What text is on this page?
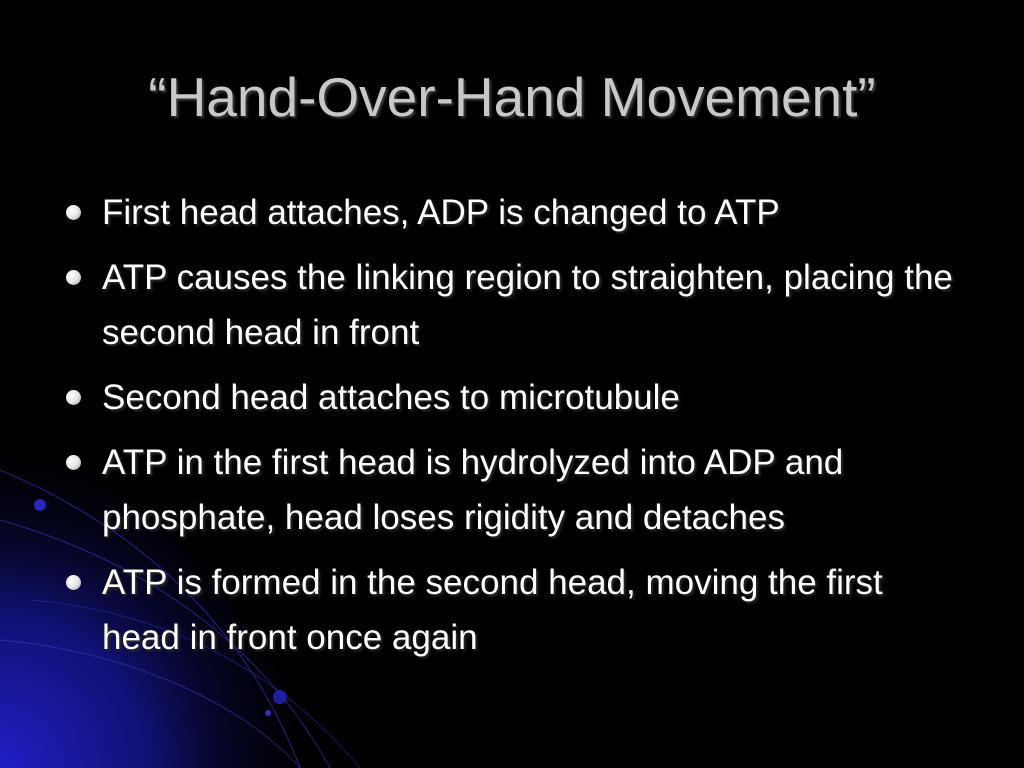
“Hand-Over-Hand Movement”
First head attaches, ADP is changed to ATP
ATP causes the linking region to straighten, placing the second head in front
Second head attaches to microtubule
ATP in the first head is hydrolyzed into ADP and phosphate, head loses rigidity and detaches
ATP is formed in the second head, moving the first head in front once again
